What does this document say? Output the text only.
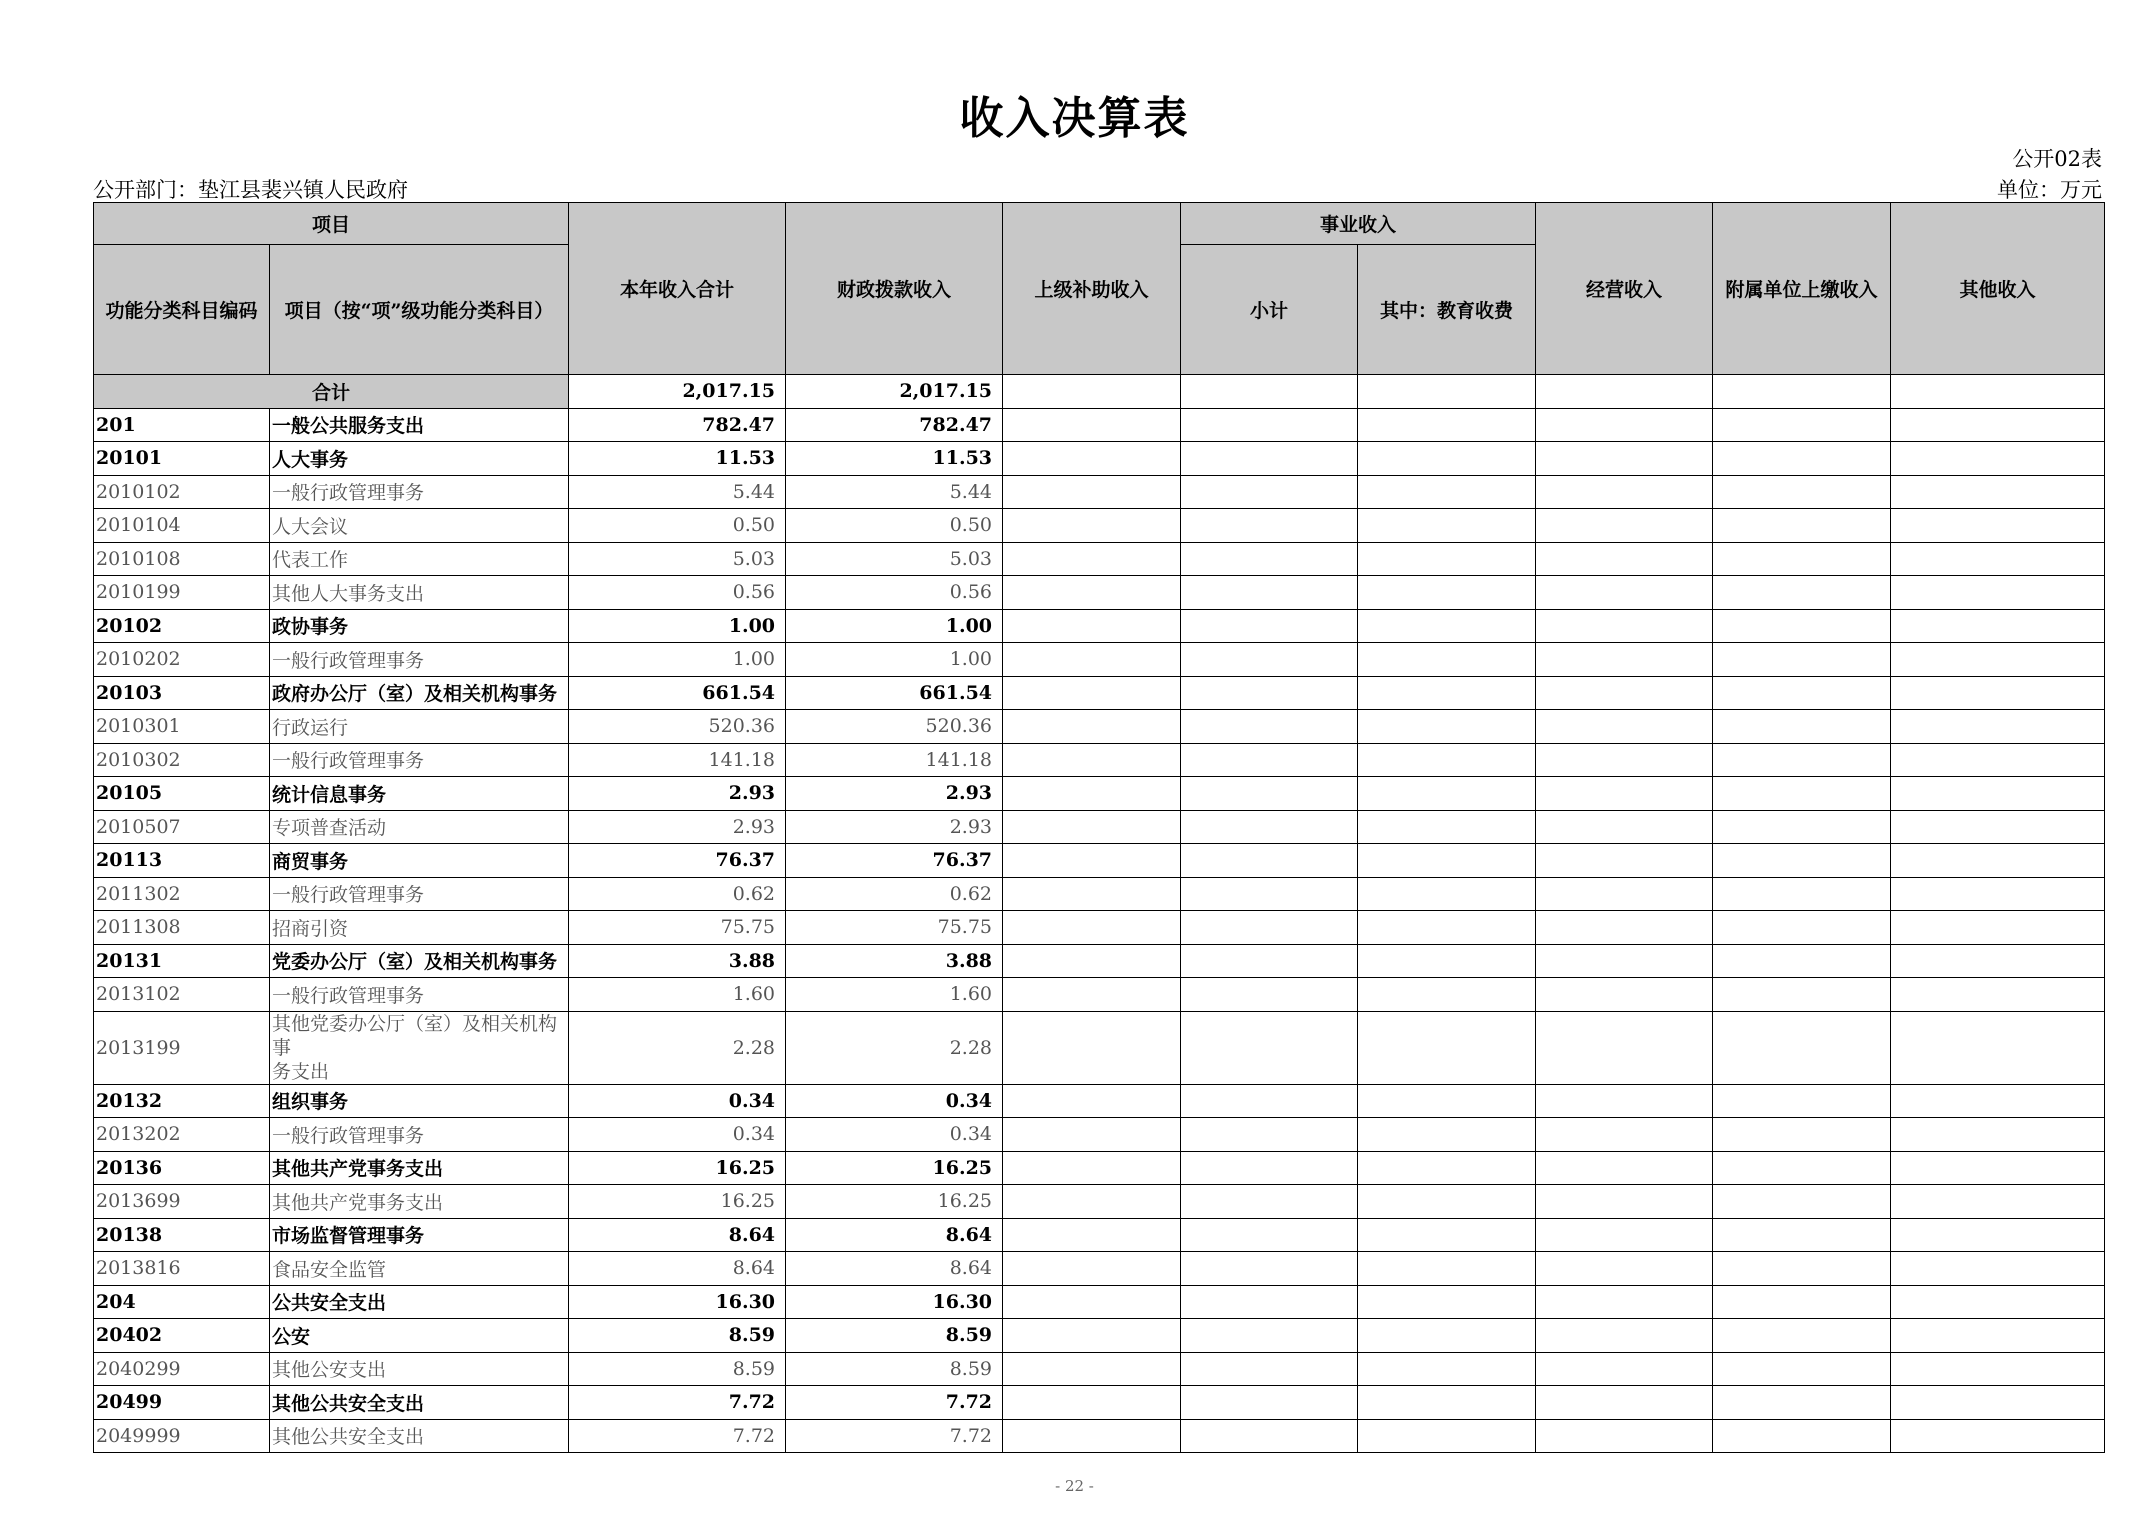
收入决算表
公开02表
公开部门：垫江县裴兴镇人民政府	单位：万元
项目		本年收入合计	财政拨款收入	上级补助收入	事业收入		经营收入	附属单位上缴收入	其他收入
功能分类科目编码	项目（按“项”级功能分类科目）				小计	其中：教育收费			
合计		2,017.15	2,017.15						
201	一般公共服务支出	782.47	782.47						
20101	人大事务	11.53	11.53						
2010102	一般行政管理事务	5.44	5.44						
2010104	人大会议	0.50	0.50						
2010108	代表工作	5.03	5.03						
2010199	其他人大事务支出	0.56	0.56						
20102	政协事务	1.00	1.00						
2010202	一般行政管理事务	1.00	1.00						
20103	政府办公厅（室）及相关机构事务	661.54	661.54						
2010301	行政运行	520.36	520.36						
2010302	一般行政管理事务	141.18	141.18						
20105	统计信息事务	2.93	2.93						
2010507	专项普查活动	2.93	2.93						
20113	商贸事务	76.37	76.37						
2011302	一般行政管理事务	0.62	0.62						
2011308	招商引资	75.75	75.75						
20131	党委办公厅（室）及相关机构事务	3.88	3.88						
2013102	一般行政管理事务	1.60	1.60						
2013199	其他党委办公厅（室）及相关机构事
务支出	2.28	2.28						
20132	组织事务	0.34	0.34						
2013202	一般行政管理事务	0.34	0.34						
20136	其他共产党事务支出	16.25	16.25						
2013699	其他共产党事务支出	16.25	16.25						
20138	市场监督管理事务	8.64	8.64						
2013816	食品安全监管	8.64	8.64						
204	公共安全支出	16.30	16.30						
20402	公安	8.59	8.59						
2040299	其他公安支出	8.59	8.59						
20499	其他公共安全支出	7.72	7.72						
2049999	其他公共安全支出	7.72	7.72						
- 22 -
